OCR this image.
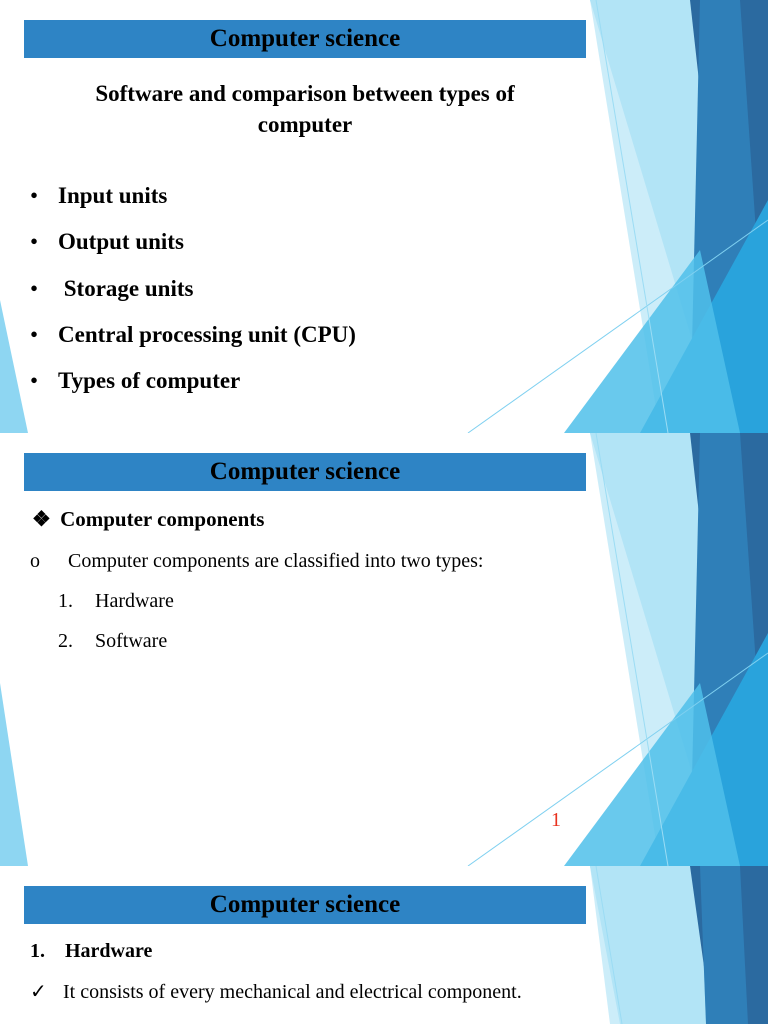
Computer science
Software and comparison between types of computer
• Input units
• Output units
• Storage units
• Central processing unit (CPU)
• Types of computer
Computer science
❖ Computer components
o Computer components are classified into two types:
1. Hardware
2. Software
1
Computer science
1. Hardware
✓ It consists of every mechanical and electrical component.
